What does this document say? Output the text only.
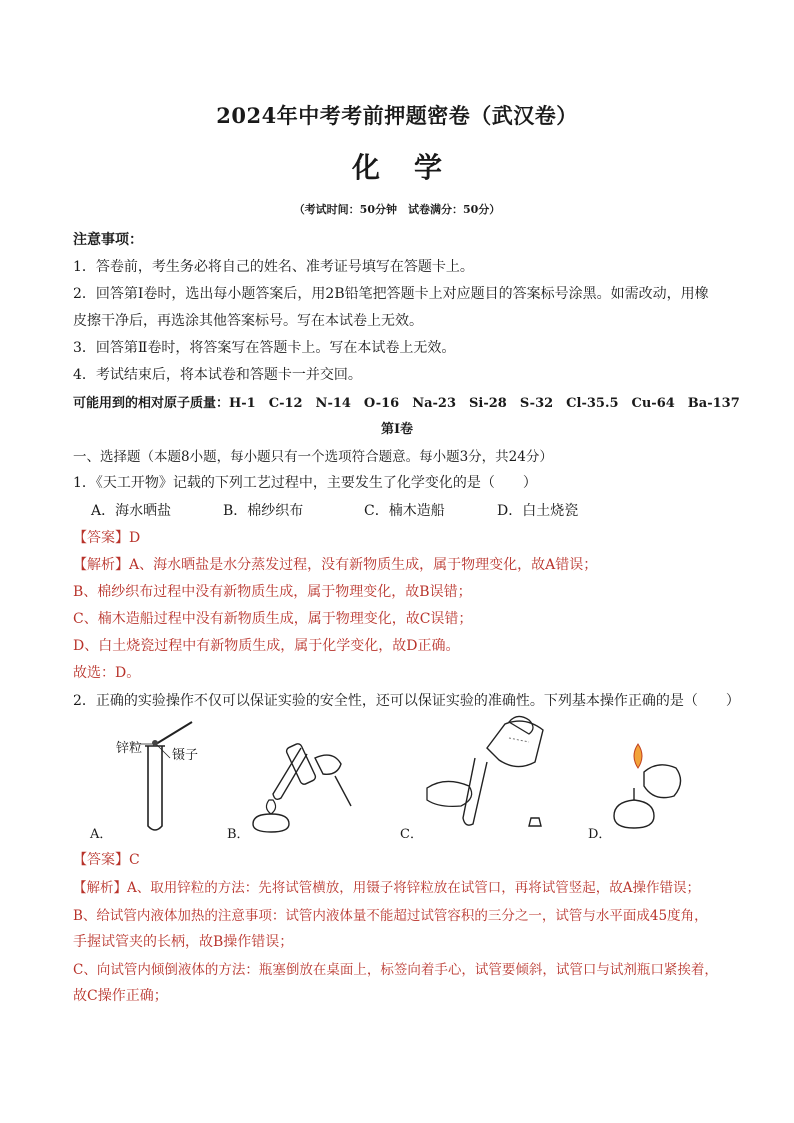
2024年中考考前押题密卷（武汉卷）
化学
（考试时间：50分钟　试卷满分：50分）
注意事项：
1．答卷前，考生务必将自己的姓名、准考证号填写在答题卡上。
2．回答第Ⅰ卷时，选出每小题答案后，用2B铅笔把答题卡上对应题目的答案标号涂黑。如需改动，用橡
皮擦干净后，再选涂其他答案标号。写在本试卷上无效。
3．回答第Ⅱ卷时，将答案写在答题卡上。写在本试卷上无效。
4．考试结束后，将本试卷和答题卡一并交回。
可能用到的相对原子质量：H-1　C-12　N-14　O-16　Na-23　Si-28　S-32　Cl-35.5　Cu-64　Ba-137
第Ⅰ卷
一、选择题（本题8小题，每小题只有一个选项符合题意。每小题3分，共24分）
1．《天工开物》记载的下列工艺过程中，主要发生了化学变化的是（　　）
A．海水晒盐	B．棉纱织布	C．楠木造船	D．白土烧瓷
【答案】D
【解析】A、海水晒盐是水分蒸发过程，没有新物质生成，属于物理变化，故A错误；
B、棉纱织布过程中没有新物质生成，属于物理变化，故B误错；
C、楠木造船过程中没有新物质生成，属于物理变化，故C误错；
D、白土烧瓷过程中有新物质生成，属于化学变化，故D正确。
故选：D。
2．正确的实验操作不仅可以保证实验的安全性，还可以保证实验的准确性。下列基本操作正确的是（　　）
锌粒 镊子
A．	B．	C．	D．
【答案】C
【解析】A、取用锌粒的方法：先将试管横放，用镊子将锌粒放在试管口，再将试管竖起，故A操作错误；
B、给试管内液体加热的注意事项：试管内液体量不能超过试管容积的三分之一，试管与水平面成45度角，
手握试管夹的长柄，故B操作错误；
C、向试管内倾倒液体的方法：瓶塞倒放在桌面上，标签向着手心，试管要倾斜，试管口与试剂瓶口紧挨着，
故C操作正确；
